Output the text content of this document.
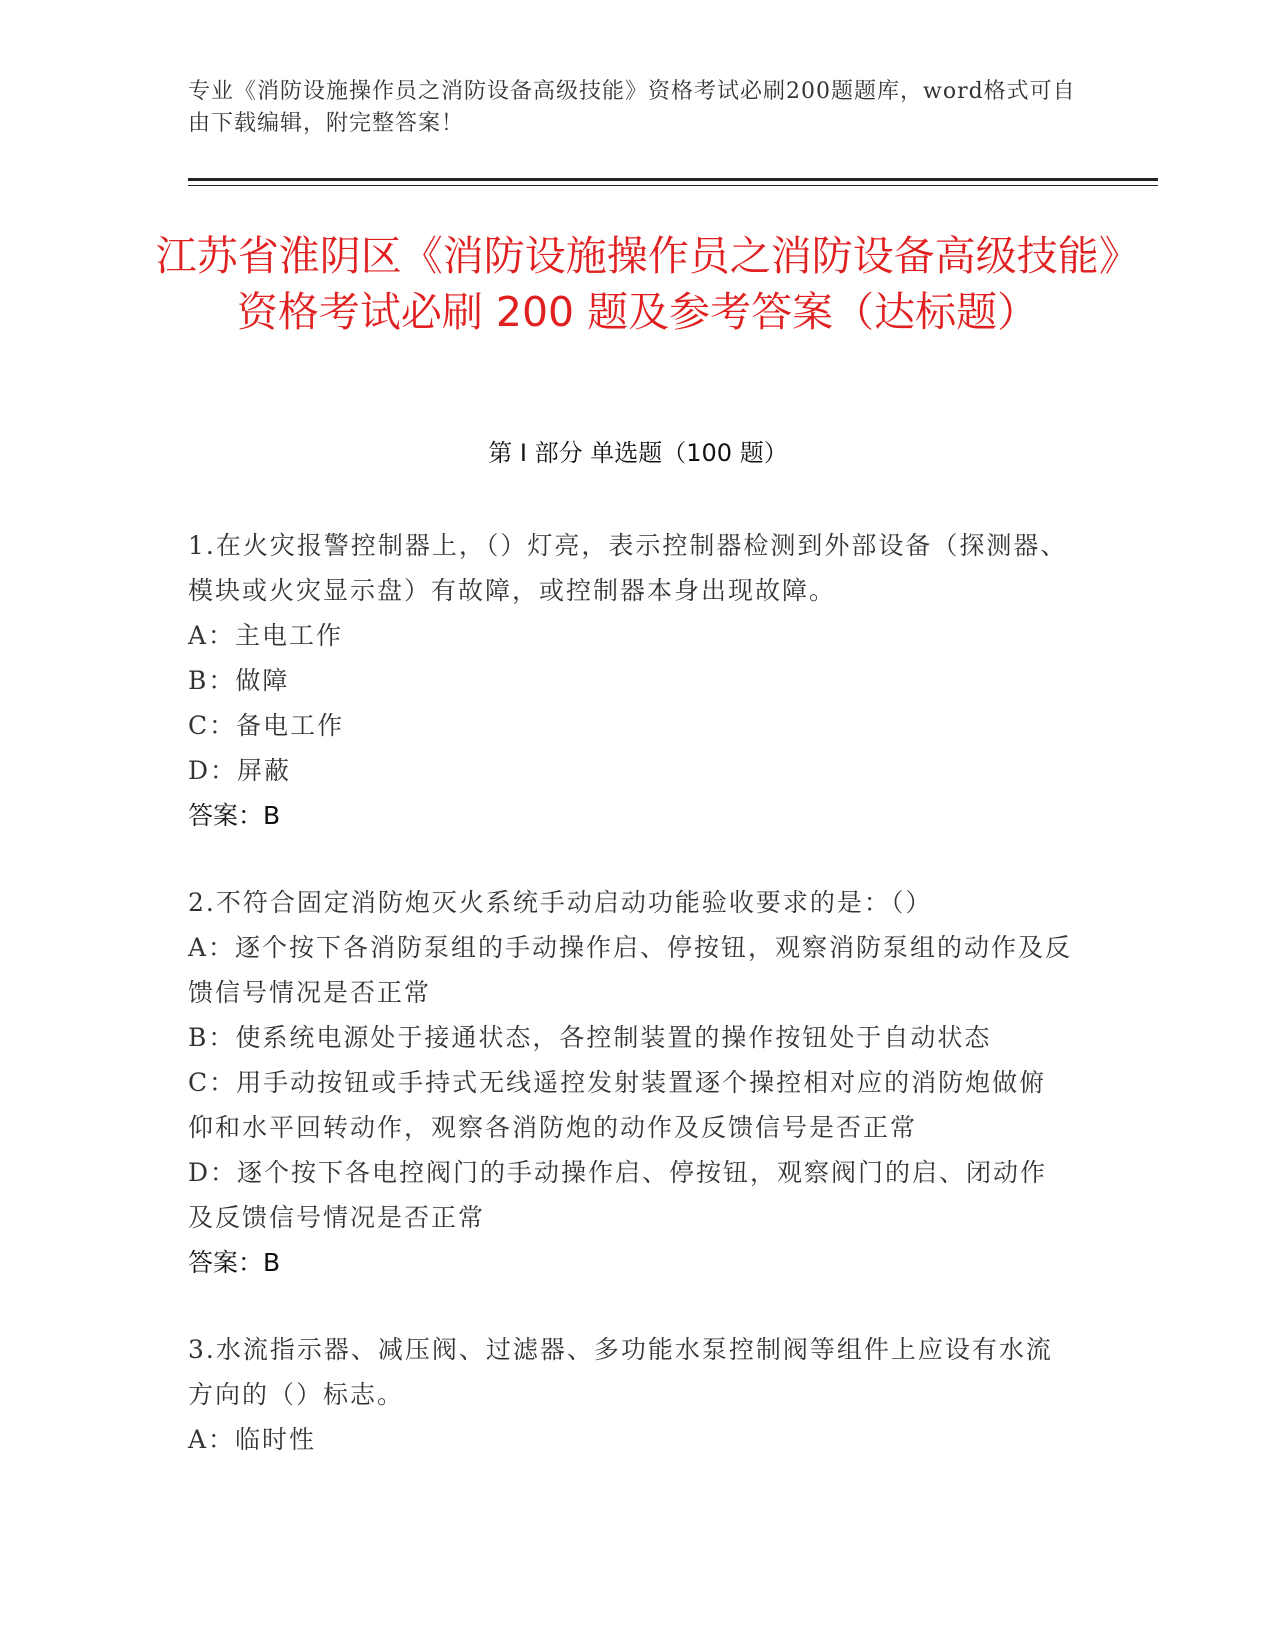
专业《消防设施操作员之消防设备高级技能》资格考试必刷200题题库，word格式可自由下载编辑，附完整答案！
江苏省淮阴区《消防设施操作员之消防设备高级技能》资格考试必刷 200 题及参考答案（达标题）
第 I 部分 单选题（100 题）

1.在火灾报警控制器上，（）灯亮，表示控制器检测到外部设备（探测器、模块或火灾显示盘）有故障，或控制器本身出现故障。

A：主电工作

B：做障

C：备电工作

D：屏蔽

答案：B

2.不符合固定消防炮灭火系统手动启动功能验收要求的是：（）

A：逐个按下各消防泵组的手动操作启、停按钮，观察消防泵组的动作及反馈信号情况是否正常

B：使系统电源处于接通状态，各控制装置的操作按钮处于自动状态

C：用手动按钮或手持式无线遥控发射装置逐个操控相对应的消防炮做俯仰和水平回转动作，观察各消防炮的动作及反馈信号是否正常

D：逐个按下各电控阀门的手动操作启、停按钮，观察阀门的启、闭动作及反馈信号情况是否正常

答案：B

3.水流指示器、减压阀、过滤器、多功能水泵控制阀等组件上应设有水流方向的（）标志。

A：临时性
